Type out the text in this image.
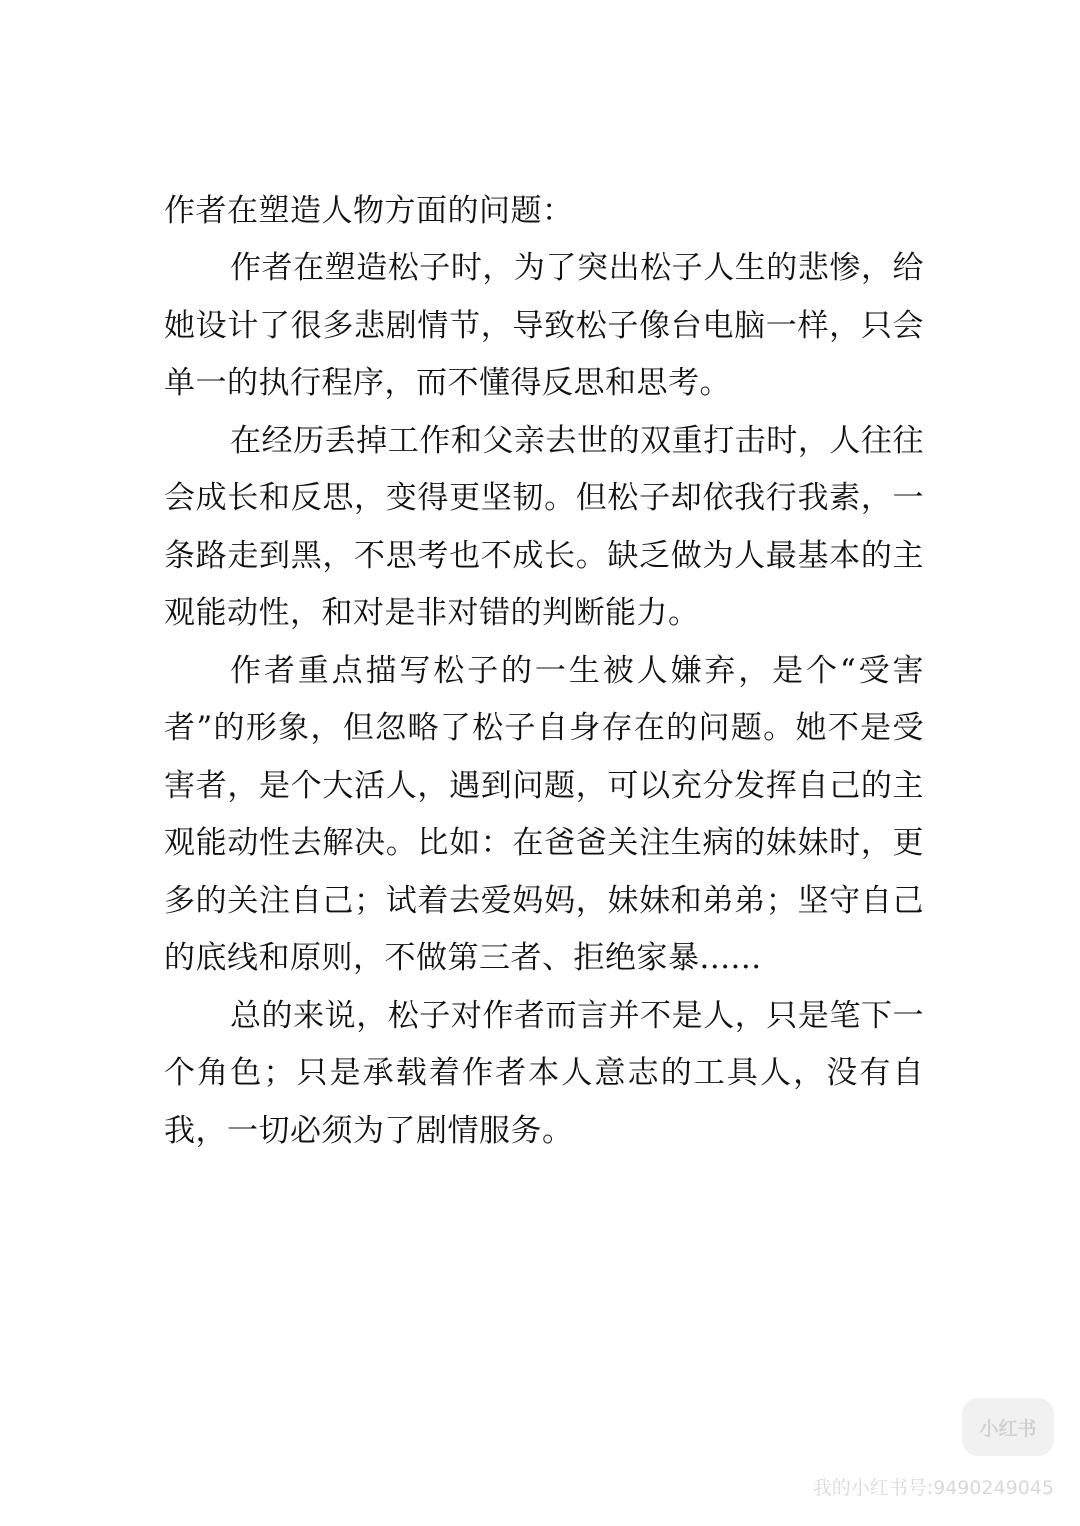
作者在塑造人物方面的问题：

作者在塑造松子时，为了突出松子人生的悲惨，给她设计了很多悲剧情节，导致松子像台电脑一样，只会单一的执行程序，而不懂得反思和思考。

在经历丢掉工作和父亲去世的双重打击时，人往往会成长和反思，变得更坚韧。但松子却依我行我素，一条路走到黑，不思考也不成长。缺乏做为人最基本的主观能动性，和对是非对错的判断能力。

作者重点描写松子的一生被人嫌弃，是个“受害者”的形象，但忽略了松子自身存在的问题。她不是受害者，是个大活人，遇到问题，可以充分发挥自己的主观能动性去解决。比如：在爸爸关注生病的妹妹时，更多的关注自己；试着去爱妈妈，妹妹和弟弟；坚守自己的底线和原则，不做第三者、拒绝家暴......

总的来说，松子对作者而言并不是人，只是笔下一个角色；只是承载着作者本人意志的工具人，没有自我，一切必须为了剧情服务。

小红书
我的小红书号:9490249045
